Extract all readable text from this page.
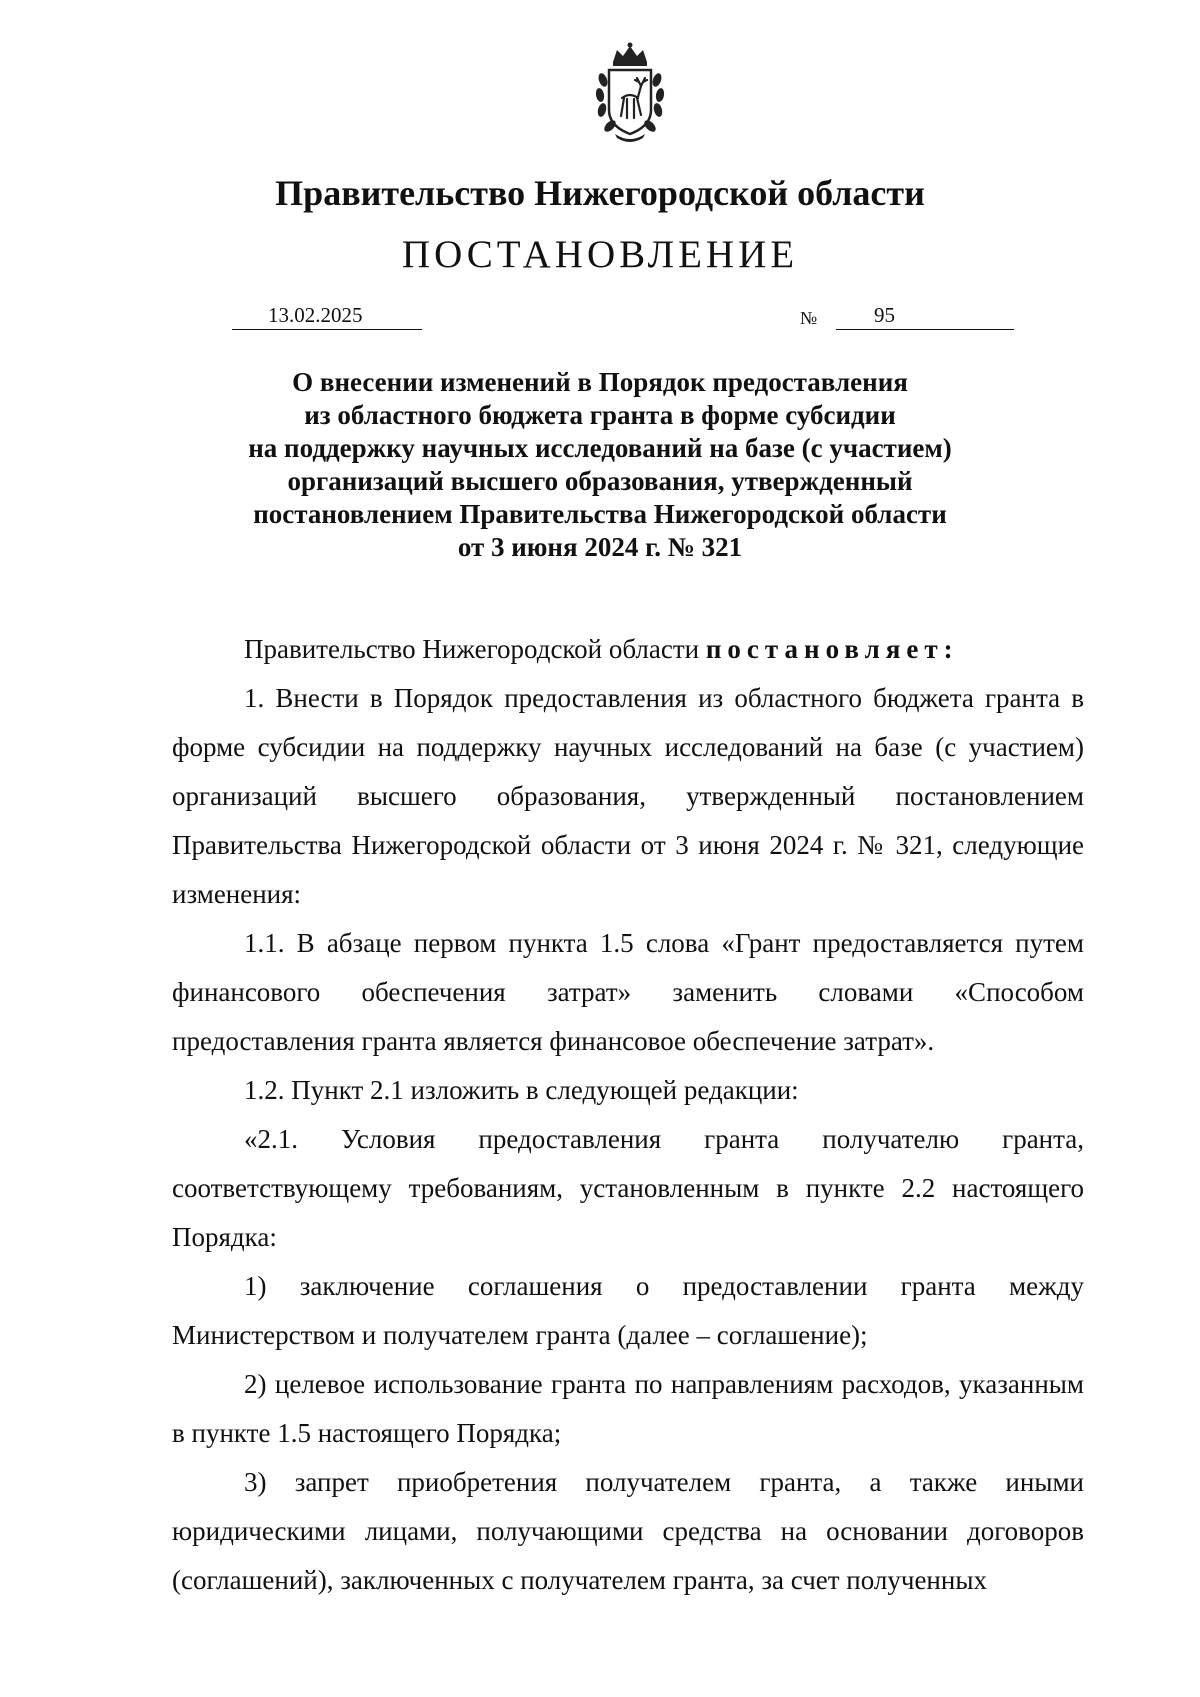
Правительство Нижегородской области
ПОСТАНОВЛЕНИЕ
13.02.2025	№	95
О внесении изменений в Порядок предоставления
из областного бюджета гранта в форме субсидии
на поддержку научных исследований на базе (с участием)
организаций высшего образования, утвержденный
постановлением Правительства Нижегородской области
от 3 июня 2024 г. № 321

Правительство Нижегородской области постановляет:

1. Внести в Порядок предоставления из областного бюджета гранта в форме субсидии на поддержку научных исследований на базе (с участием) организаций высшего образования, утвержденный постановлением Правительства Нижегородской области от 3 июня 2024 г. № 321, следующие изменения:

1.1. В абзаце первом пункта 1.5 слова «Грант предоставляется путем финансового обеспечения затрат» заменить словами «Способом предоставления гранта является финансовое обеспечение затрат».

1.2. Пункт 2.1 изложить в следующей редакции:

«2.1. Условия предоставления гранта получателю гранта, соответствующему требованиям, установленным в пункте 2.2 настоящего Порядка:

1) заключение соглашения о предоставлении гранта между Министерством и получателем гранта (далее – соглашение);

2) целевое использование гранта по направлениям расходов, указанным в пункте 1.5 настоящего Порядка;

3) запрет приобретения получателем гранта, а также иными юридическими лицами, получающими средства на основании договоров (соглашений), заключенных с получателем гранта, за счет полученных
